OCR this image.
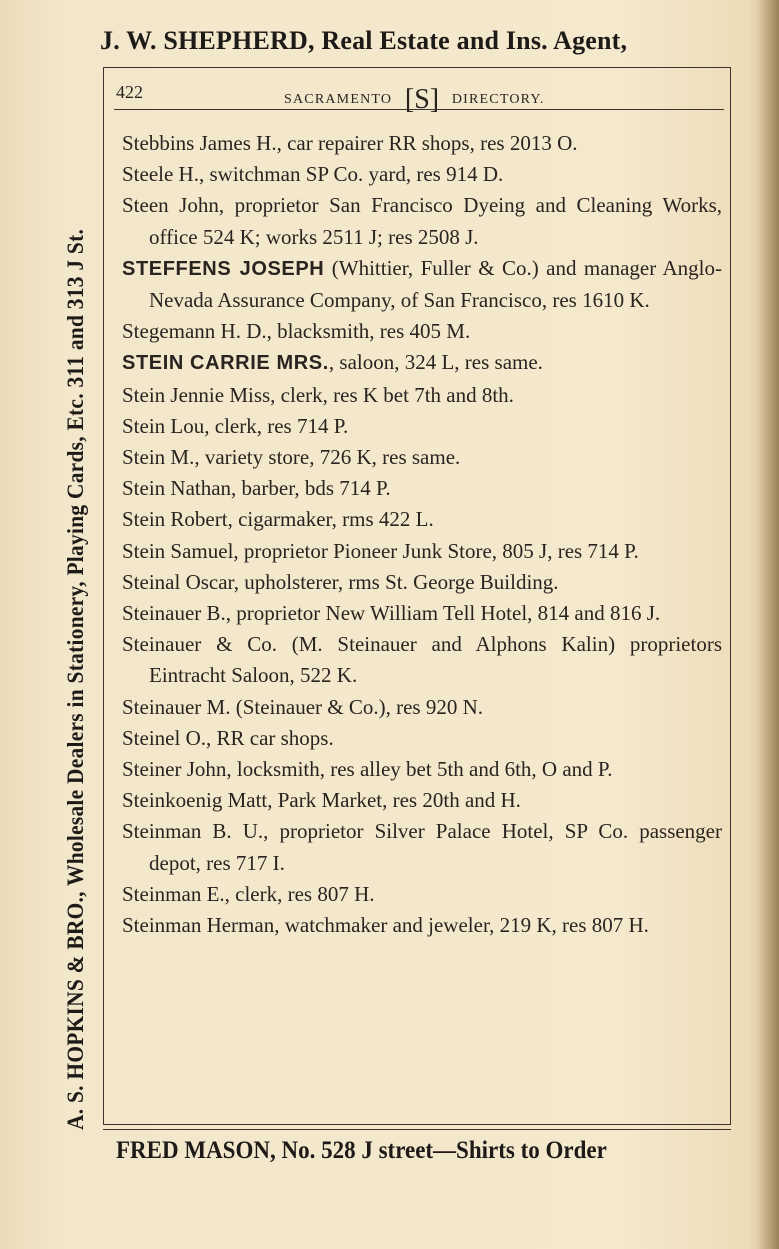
J. W. SHEPHERD, Real Estate and Ins. Agent,
A. S. HOPKINS & BRO., Wholesale Dealers in Stationery, Playing Cards, Etc. 311 and 313 J St.
422	SACRAMENTO [S] DIRECTORY.

Stebbins James H., car repairer RR shops, res 2013 O.

Steele H., switchman SP Co. yard, res 914 D.

Steen John, proprietor San Francisco Dyeing and Cleaning Works, office 524 K; works 2511 J; res 2508 J.

STEFFENS JOSEPH (Whittier, Fuller & Co.) and manager Anglo-Nevada Assurance Company, of San Francisco, res 1610 K.

Stegemann H. D., blacksmith, res 405 M.

STEIN CARRIE MRS., saloon, 324 L, res same.

Stein Jennie Miss, clerk, res K bet 7th and 8th.

Stein Lou, clerk, res 714 P.

Stein M., variety store, 726 K, res same.

Stein Nathan, barber, bds 714 P.

Stein Robert, cigarmaker, rms 422 L.

Stein Samuel, proprietor Pioneer Junk Store, 805 J, res 714 P.

Steinal Oscar, upholsterer, rms St. George Building.

Steinauer B., proprietor New William Tell Hotel, 814 and 816 J.

Steinauer & Co. (M. Steinauer and Alphons Kalin) proprietors Eintracht Saloon, 522 K.

Steinauer M. (Steinauer & Co.), res 920 N.

Steinel O., RR car shops.

Steiner John, locksmith, res alley bet 5th and 6th, O and P.

Steinkoenig Matt, Park Market, res 20th and H.

Steinman B. U., proprietor Silver Palace Hotel, SP Co. passenger depot, res 717 I.

Steinman E., clerk, res 807 H.

Steinman Herman, watchmaker and jeweler, 219 K, res 807 H.

FRED MASON, No. 528 J street—Shirts to Order
